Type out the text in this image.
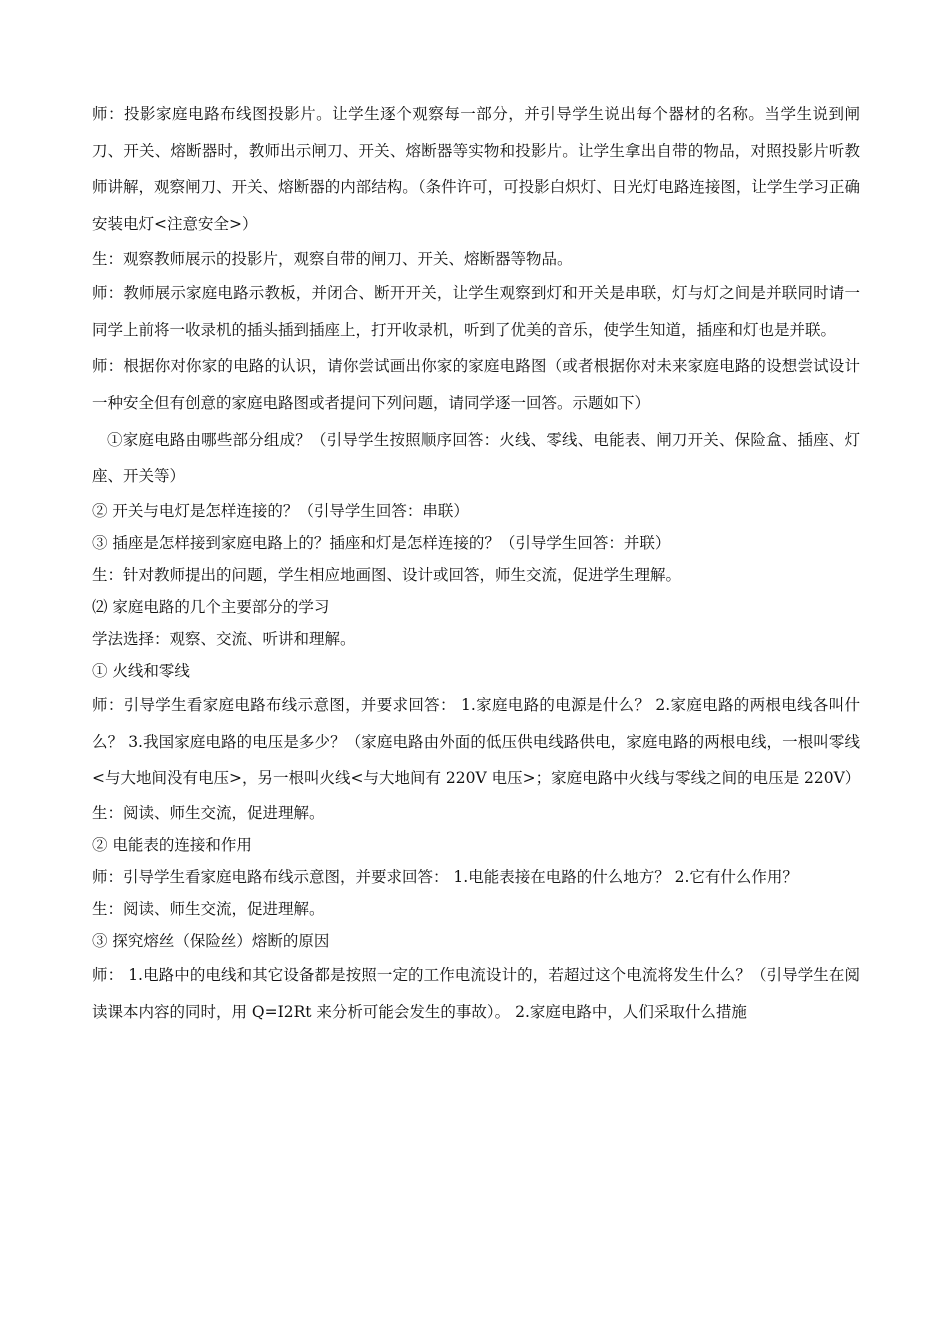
师：投影家庭电路布线图投影片。让学生逐个观察每一部分，并引导学生说出每个器材的名称。当学生说到闸刀、开关、熔断器时，教师出示闸刀、开关、熔断器等实物和投影片。让学生拿出自带的物品，对照投影片听教师讲解，观察闸刀、开关、熔断器的内部结构。（条件许可，可投影白炽灯、日光灯电路连接图，让学生学习正确安装电灯<注意安全>）

生：观察教师展示的投影片，观察自带的闸刀、开关、熔断器等物品。

师：教师展示家庭电路示教板，并闭合、断开开关，让学生观察到灯和开关是串联，灯与灯之间是并联同时请一同学上前将一收录机的插头插到插座上，打开收录机，听到了优美的音乐，使学生知道，插座和灯也是并联。

师：根据你对你家的电路的认识，请你尝试画出你家的家庭电路图（或者根据你对未来家庭电路的设想尝试设计一种安全但有创意的家庭电路图或者提问下列问题，请同学逐一回答。示题如下）

①家庭电路由哪些部分组成？（引导学生按照顺序回答：火线、零线、电能表、闸刀开关、保险盒、插座、灯座、开关等）

② 开关与电灯是怎样连接的？（引导学生回答：串联）

③ 插座是怎样接到家庭电路上的？插座和灯是怎样连接的？（引导学生回答：并联）

生：针对教师提出的问题，学生相应地画图、设计或回答，师生交流，促进学生理解。

⑵ 家庭电路的几个主要部分的学习

学法选择：观察、交流、听讲和理解。

① 火线和零线

师：引导学生看家庭电路布线示意图，并要求回答： 1.家庭电路的电源是什么？ 2.家庭电路的两根电线各叫什么？ 3.我国家庭电路的电压是多少？（家庭电路由外面的低压供电线路供电，家庭电路的两根电线，一根叫零线<与大地间没有电压>，另一根叫火线<与大地间有 220V 电压>；家庭电路中火线与零线之间的电压是 220V）

生：阅读、师生交流，促进理解。

② 电能表的连接和作用

师：引导学生看家庭电路布线示意图，并要求回答： 1.电能表接在电路的什么地方？ 2.它有什么作用？

生：阅读、师生交流，促进理解。

③ 探究熔丝（保险丝）熔断的原因

师： 1.电路中的电线和其它设备都是按照一定的工作电流设计的，若超过这个电流将发生什么？（引导学生在阅读课本内容的同时，用 Q=I2Rt 来分析可能会发生的事故）。 2.家庭电路中，人们采取什么措施
